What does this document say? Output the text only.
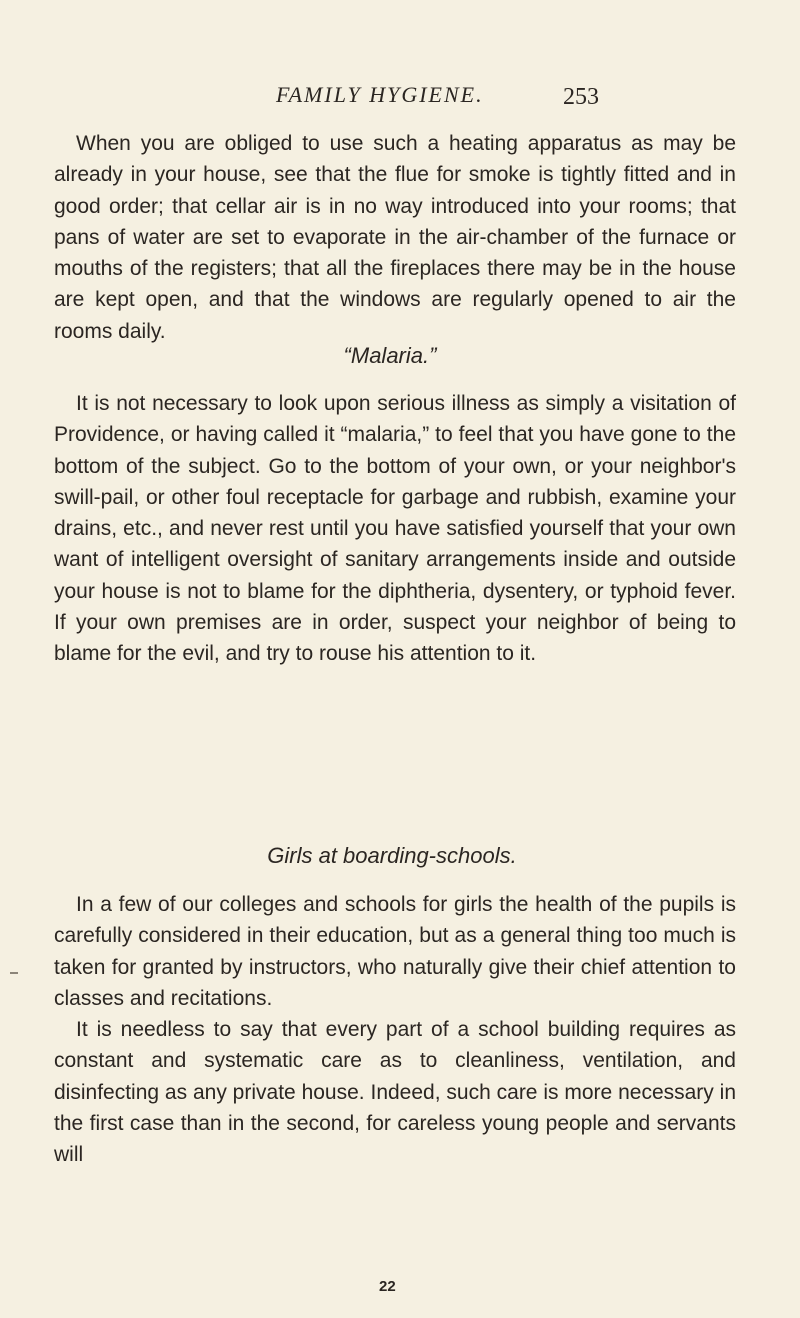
FAMILY HYGIENE.	253

When you are obliged to use such a heating apparatus as may be already in your house, see that the flue for smoke is tightly fitted and in good order; that cellar air is in no way introduced into your rooms; that pans of water are set to evaporate in the air-chamber of the furnace or mouths of the registers; that all the fireplaces there may be in the house are kept open, and that the windows are regularly opened to air the rooms daily.

“Malaria.”

It is not necessary to look upon serious illness as simply a visitation of Providence, or having called it “malaria,” to feel that you have gone to the bottom of the subject. Go to the bottom of your own, or your neighbor's swill-pail, or other foul receptacle for garbage and rubbish, examine your drains, etc., and never rest until you have satisfied yourself that your own want of intelligent oversight of sanitary arrangements inside and outside your house is not to blame for the diphtheria, dysentery, or typhoid fever. If your own premises are in order, suspect your neighbor of being to blame for the evil, and try to rouse his attention to it.

Girls at boarding-schools.

In a few of our colleges and schools for girls the health of the pupils is carefully considered in their education, but as a general thing too much is taken for granted by instructors, who naturally give their chief attention to classes and recitations.

It is needless to say that every part of a school building requires as constant and systematic care as to cleanliness, ventilation, and disinfecting as any private house. Indeed, such care is more necessary in the first case than in the second, for careless young people and servants will

22
